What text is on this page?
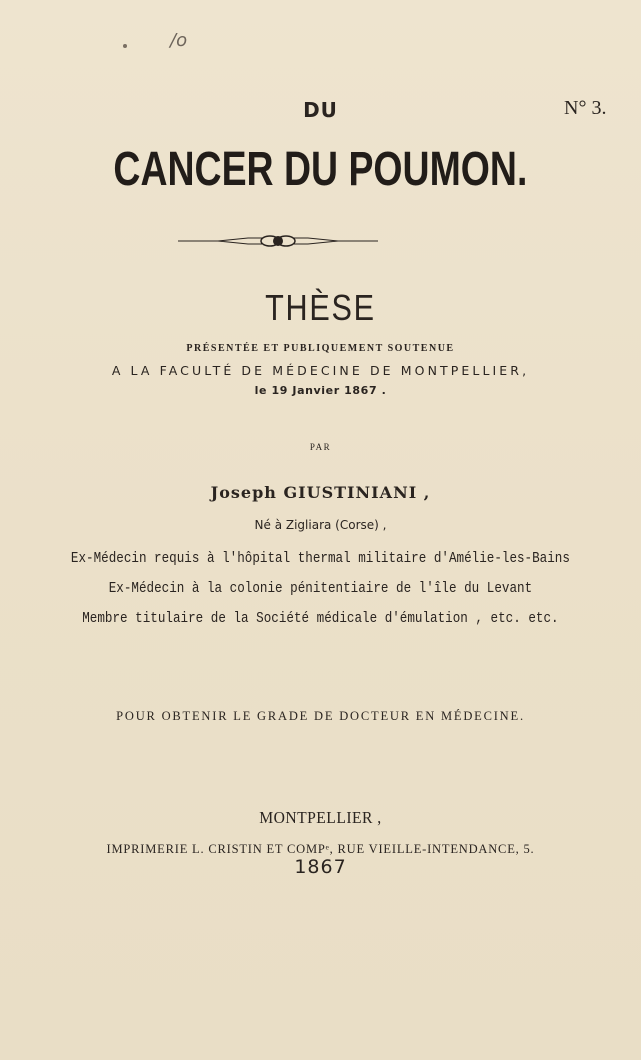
/o
DU	N° 3.
CANCER DU POUMON.
THÈSE
PRÉSENTÉE ET PUBLIQUEMENT SOUTENUE
A LA FACULTÉ DE MÉDECINE DE MONTPELLIER,
le 19 Janvier 1867 .
PAR
Joseph GIUSTINIANI ,
Né à Zigliara (Corse) ,
Ex-Médecin requis à l'hôpital thermal militaire d'Amélie-les-Bains
Ex-Médecin à la colonie pénitentiaire de l'île du Levant
Membre titulaire de la Société médicale d'émulation , etc. etc.
POUR OBTENIR LE GRADE DE DOCTEUR EN MÉDECINE.
MONTPELLIER ,
IMPRIMERIE L. CRISTIN ET COMPᵉ, RUE VIEILLE-INTENDANCE, 5.
1867
